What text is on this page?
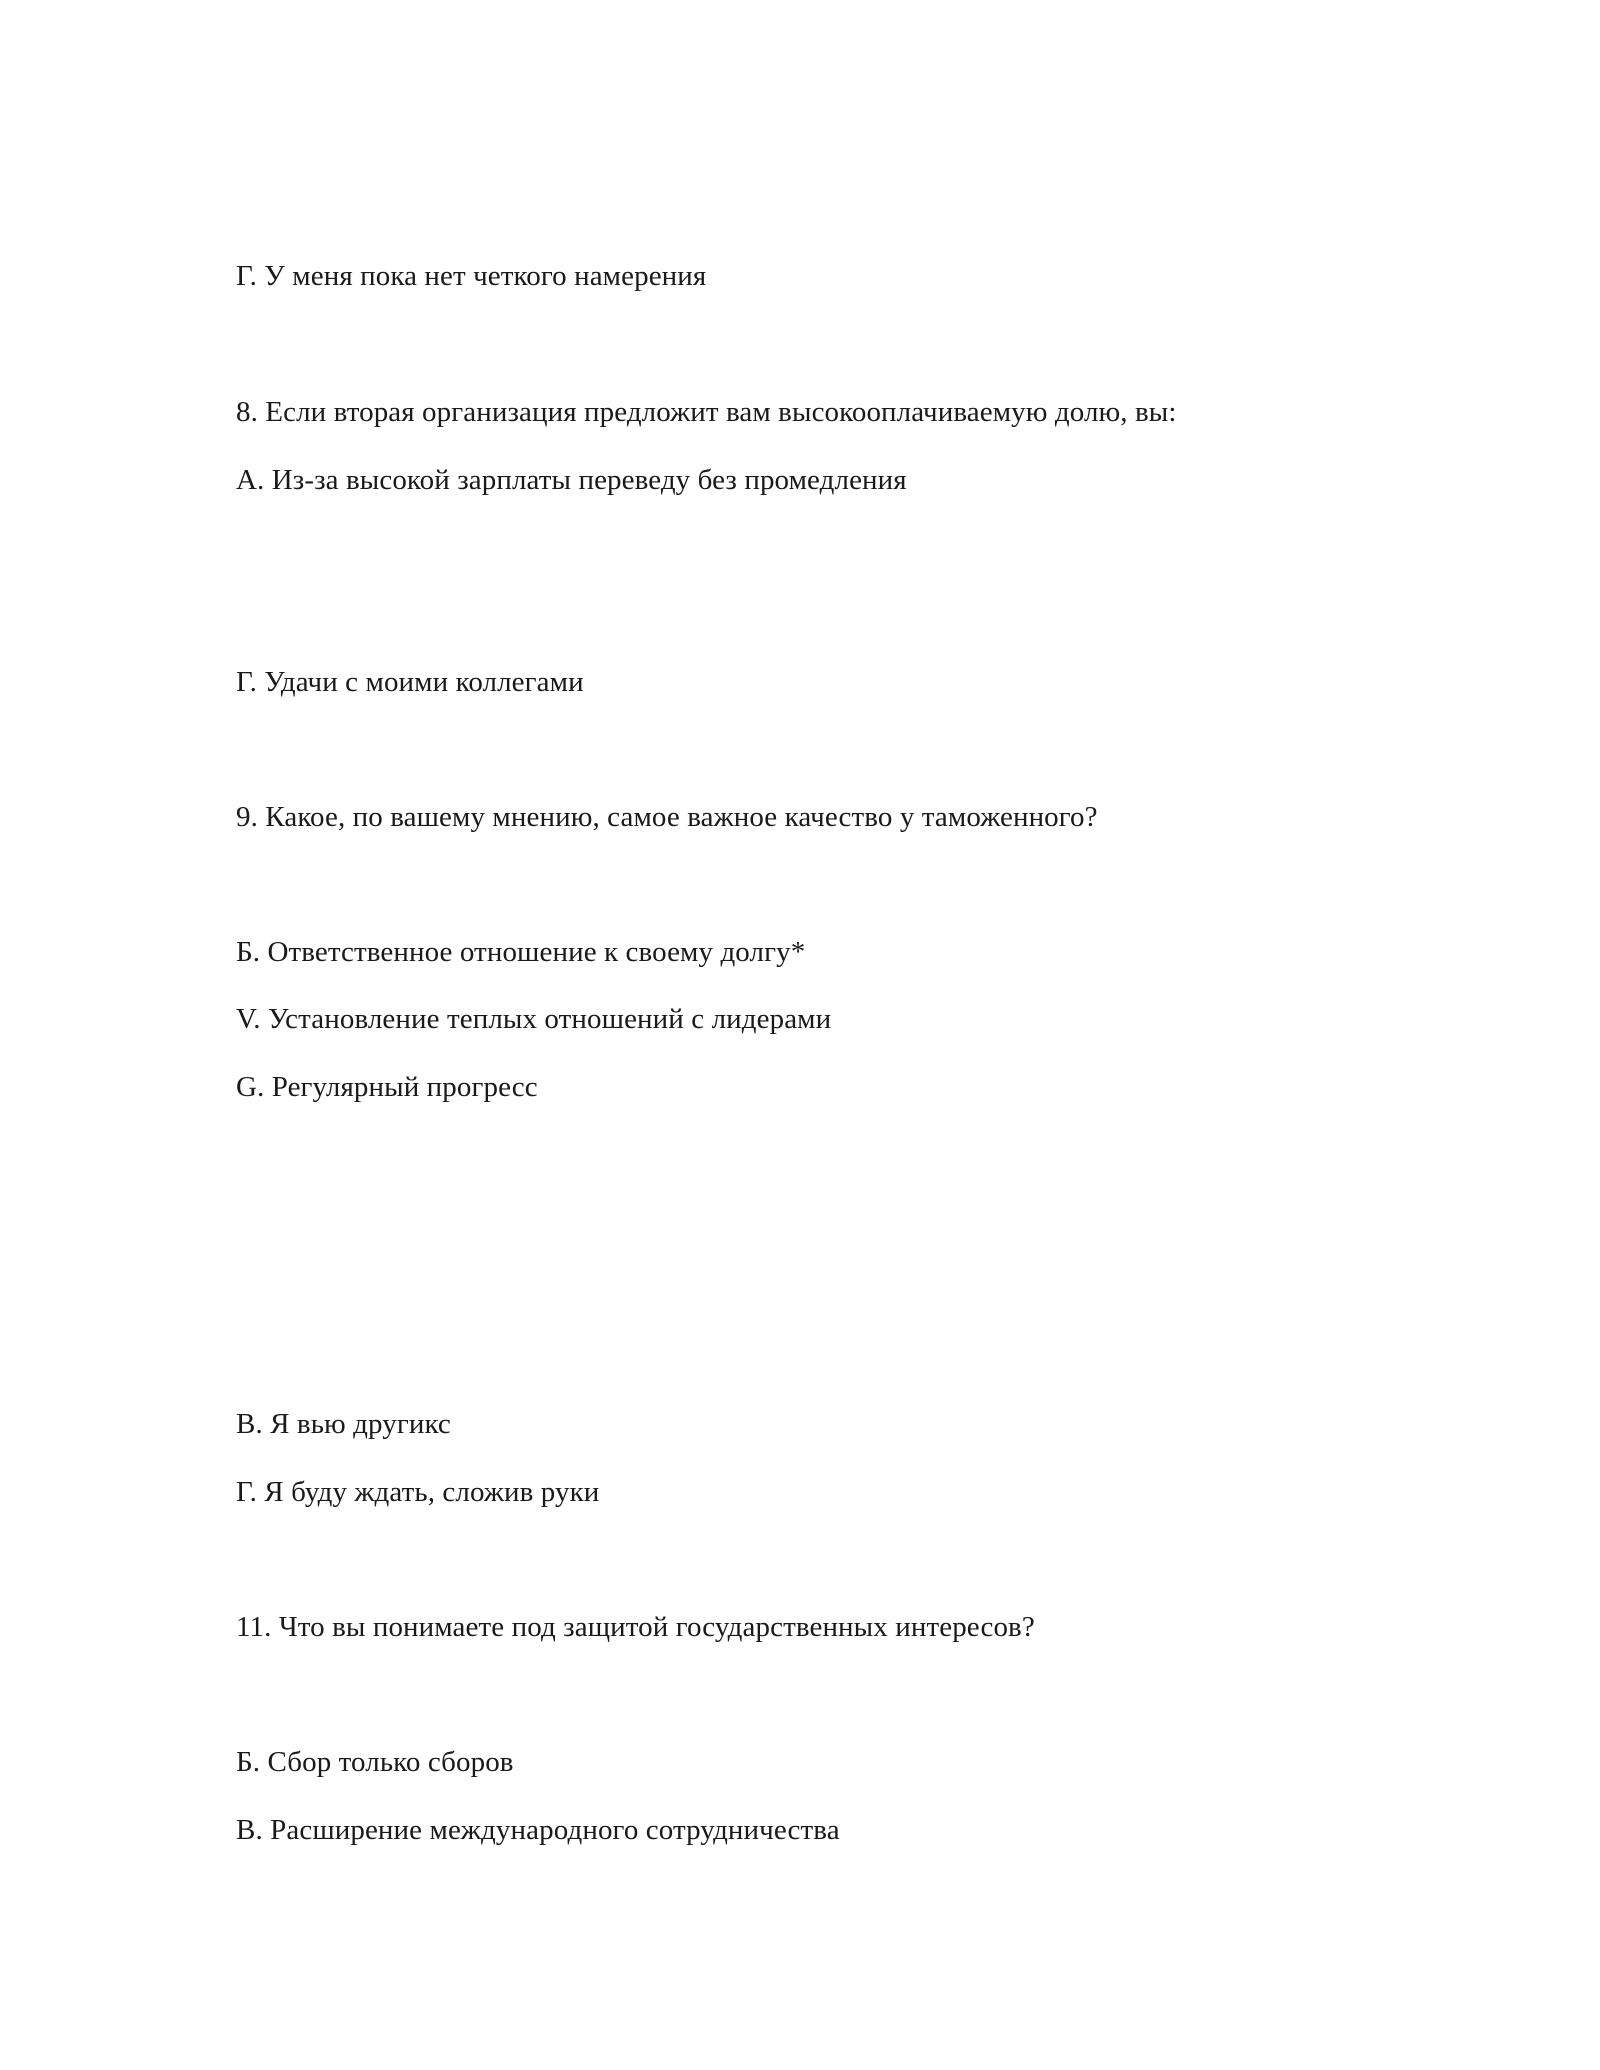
Г. У меня пока нет четкого намерения
8. Если вторая организация предложит вам высокооплачиваемую долю, вы:
А. Из-за высокой зарплаты переведу без промедления
Г. Удачи с моими коллегами
9. Какое, по вашему мнению, самое важное качество у таможенного?
Б. Ответственное отношение к своему долгу*
V. Установление теплых отношений с лидерами
G. Регулярный прогресс
В. Я вью другикс
Г. Я буду ждать, сложив руки
11. Что вы понимаете под защитой государственных интересов?
Б. Сбор только сборов
В. Расширение международного сотрудничества
